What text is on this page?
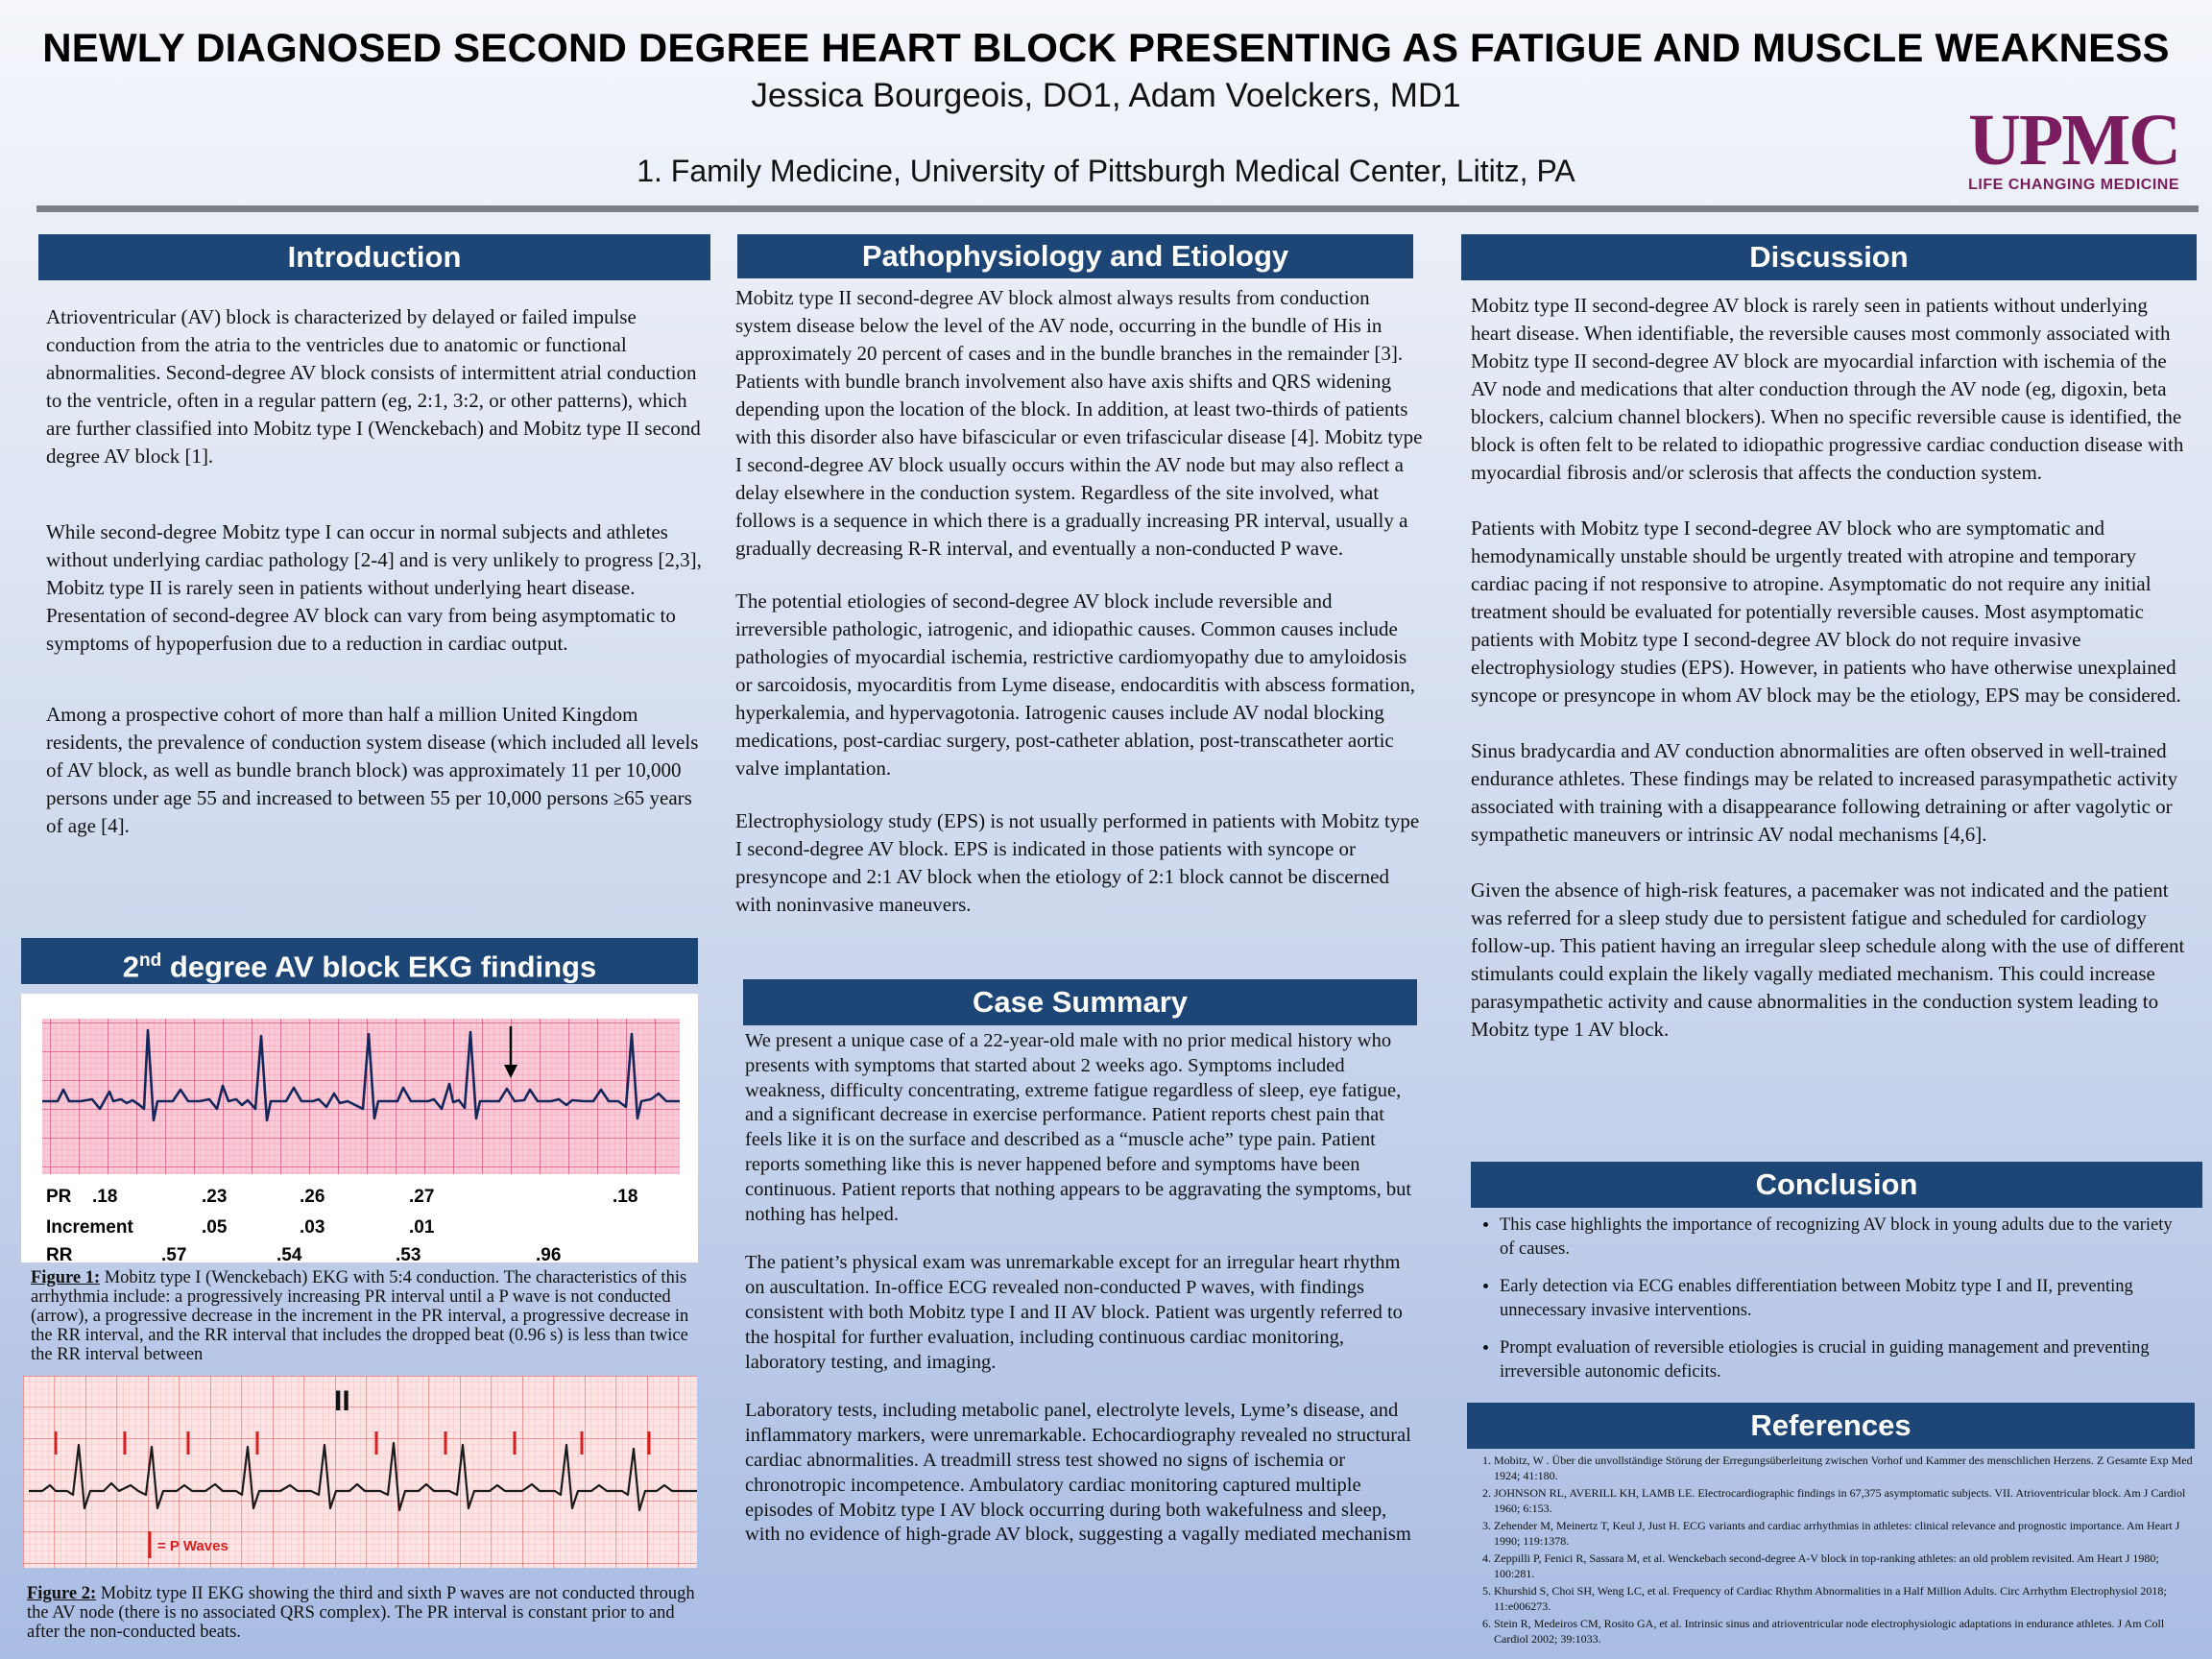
NEWLY DIAGNOSED SECOND DEGREE HEART BLOCK PRESENTING AS FATIGUE AND MUSCLE WEAKNESS
Jessica Bourgeois, DO1, Adam Voelckers, MD1
1. Family Medicine, University of Pittsburgh Medical Center, Lititz, PA	UPMC
LIFE CHANGING MEDICINE
Introduction

Atrioventricular (AV) block is characterized by delayed or failed impulse conduction from the atria to the ventricles due to anatomic or functional abnormalities. Second-degree AV block consists of intermittent atrial conduction to the ventricle, often in a regular pattern (eg, 2:1, 3:2, or other patterns), which are further classified into Mobitz type I (Wenckebach) and Mobitz type II second degree AV block [1].

While second-degree Mobitz type I can occur in normal subjects and athletes without underlying cardiac pathology [2-4] and is very unlikely to progress [2,3], Mobitz type II is rarely seen in patients without underlying heart disease. Presentation of second-degree AV block can vary from being asymptomatic to symptoms of hypoperfusion due to a reduction in cardiac output.

Among a prospective cohort of more than half a million United Kingdom residents, the prevalence of conduction system disease (which included all levels of AV block, as well as bundle branch block) was approximately 11 per 10,000 persons under age 55 and increased to between 55 per 10,000 persons ≥65 years of age [4].

2nd degree AV block EKG findings
PR .18	.23	.26	.27	.18
Increment	.05	.03	.01
RR	.57	.54	.53	.96
Figure 1: Mobitz type I (Wenckebach) EKG with 5:4 conduction. The characteristics of this arrhythmia include: a progressively increasing PR interval until a P wave is not conducted (arrow), a progressive decrease in the increment in the PR interval, a progressive decrease in the RR interval, and the RR interval that includes the dropped beat (0.96 s) is less than twice the RR interval between
II
= P Waves
Figure 2: Mobitz type II EKG showing the third and sixth P waves are not conducted through the AV node (there is no associated QRS complex). The PR interval is constant prior to and after the non-conducted beats.
Pathophysiology and Etiology

Mobitz type II second-degree AV block almost always results from conduction system disease below the level of the AV node, occurring in the bundle of His in approximately 20 percent of cases and in the bundle branches in the remainder [3]. Patients with bundle branch involvement also have axis shifts and QRS widening depending upon the location of the block. In addition, at least two-thirds of patients with this disorder also have bifascicular or even trifascicular disease [4]. Mobitz type I second-degree AV block usually occurs within the AV node but may also reflect a delay elsewhere in the conduction system. Regardless of the site involved, what follows is a sequence in which there is a gradually increasing PR interval, usually a gradually decreasing R-R interval, and eventually a non-conducted P wave.

The potential etiologies of second-degree AV block include reversible and irreversible pathologic, iatrogenic, and idiopathic causes. Common causes include pathologies of myocardial ischemia, restrictive cardiomyopathy due to amyloidosis or sarcoidosis, myocarditis from Lyme disease, endocarditis with abscess formation, hyperkalemia, and hypervagotonia. Iatrogenic causes include AV nodal blocking medications, post-cardiac surgery, post-catheter ablation, post-transcatheter aortic valve implantation.

Electrophysiology study (EPS) is not usually performed in patients with Mobitz type I second-degree AV block. EPS is indicated in those patients with syncope or presyncope and 2:1 AV block when the etiology of 2:1 block cannot be discerned with noninvasive maneuvers.

Case Summary

We present a unique case of a 22-year-old male with no prior medical history who presents with symptoms that started about 2 weeks ago. Symptoms included weakness, difficulty concentrating, extreme fatigue regardless of sleep, eye fatigue, and a significant decrease in exercise performance. Patient reports chest pain that feels like it is on the surface and described as a “muscle ache” type pain. Patient reports something like this is never happened before and symptoms have been continuous. Patient reports that nothing appears to be aggravating the symptoms, but nothing has helped.

The patient’s physical exam was unremarkable except for an irregular heart rhythm on auscultation. In-office ECG revealed non-conducted P waves, with findings consistent with both Mobitz type I and II AV block. Patient was urgently referred to the hospital for further evaluation, including continuous cardiac monitoring, laboratory testing, and imaging.

Laboratory tests, including metabolic panel, electrolyte levels, Lyme’s disease, and inflammatory markers, were unremarkable. Echocardiography revealed no structural cardiac abnormalities. A treadmill stress test showed no signs of ischemia or chronotropic incompetence. Ambulatory cardiac monitoring captured multiple episodes of Mobitz type I AV block occurring during both wakefulness and sleep, with no evidence of high-grade AV block, suggesting a vagally mediated mechanism

Discussion

Mobitz type II second-degree AV block is rarely seen in patients without underlying heart disease. When identifiable, the reversible causes most commonly associated with Mobitz type II second-degree AV block are myocardial infarction with ischemia of the AV node and medications that alter conduction through the AV node (eg, digoxin, beta blockers, calcium channel blockers). When no specific reversible cause is identified, the block is often felt to be related to idiopathic progressive cardiac conduction disease with myocardial fibrosis and/or sclerosis that affects the conduction system.

Patients with Mobitz type I second-degree AV block who are symptomatic and hemodynamically unstable should be urgently treated with atropine and temporary cardiac pacing if not responsive to atropine. Asymptomatic do not require any initial treatment should be evaluated for potentially reversible causes. Most asymptomatic patients with Mobitz type I second-degree AV block do not require invasive electrophysiology studies (EPS). However, in patients who have otherwise unexplained syncope or presyncope in whom AV block may be the etiology, EPS may be considered.

Sinus bradycardia and AV conduction abnormalities are often observed in well-trained endurance athletes. These findings may be related to increased parasympathetic activity associated with training with a disappearance following detraining or after vagolytic or sympathetic maneuvers or intrinsic AV nodal mechanisms [4,6].

Given the absence of high-risk features, a pacemaker was not indicated and the patient was referred for a sleep study due to persistent fatigue and scheduled for cardiology follow-up. This patient having an irregular sleep schedule along with the use of different stimulants could explain the likely vagally mediated mechanism. This could increase parasympathetic activity and cause abnormalities in the conduction system leading to Mobitz type 1 AV block.

Conclusion
• This case highlights the importance of recognizing AV block in young adults due to the variety of causes.
• Early detection via ECG enables differentiation between Mobitz type I and II, preventing unnecessary invasive interventions.
• Prompt evaluation of reversible etiologies is crucial in guiding management and preventing irreversible autonomic deficits.
References
1. Mobitz, W . Über die unvollständige Störung der Erregungsüberleitung zwischen Vorhof und Kammer des menschlichen Herzens. Z Gesamte Exp Med 1924; 41:180.
2. JOHNSON RL, AVERILL KH, LAMB LE. Electrocardiographic findings in 67,375 asymptomatic subjects. VII. Atrioventricular block. Am J Cardiol 1960; 6:153.
3. Zehender M, Meinertz T, Keul J, Just H. ECG variants and cardiac arrhythmias in athletes: clinical relevance and prognostic importance. Am Heart J 1990; 119:1378.
4. Zeppilli P, Fenici R, Sassara M, et al. Wenckebach second-degree A-V block in top-ranking athletes: an old problem revisited. Am Heart J 1980; 100:281.
5. Khurshid S, Choi SH, Weng LC, et al. Frequency of Cardiac Rhythm Abnormalities in a Half Million Adults. Circ Arrhythm Electrophysiol 2018; 11:e006273.
6. Stein R, Medeiros CM, Rosito GA, et al. Intrinsic sinus and atrioventricular node electrophysiologic adaptations in endurance athletes. J Am Coll Cardiol 2002; 39:1033.
